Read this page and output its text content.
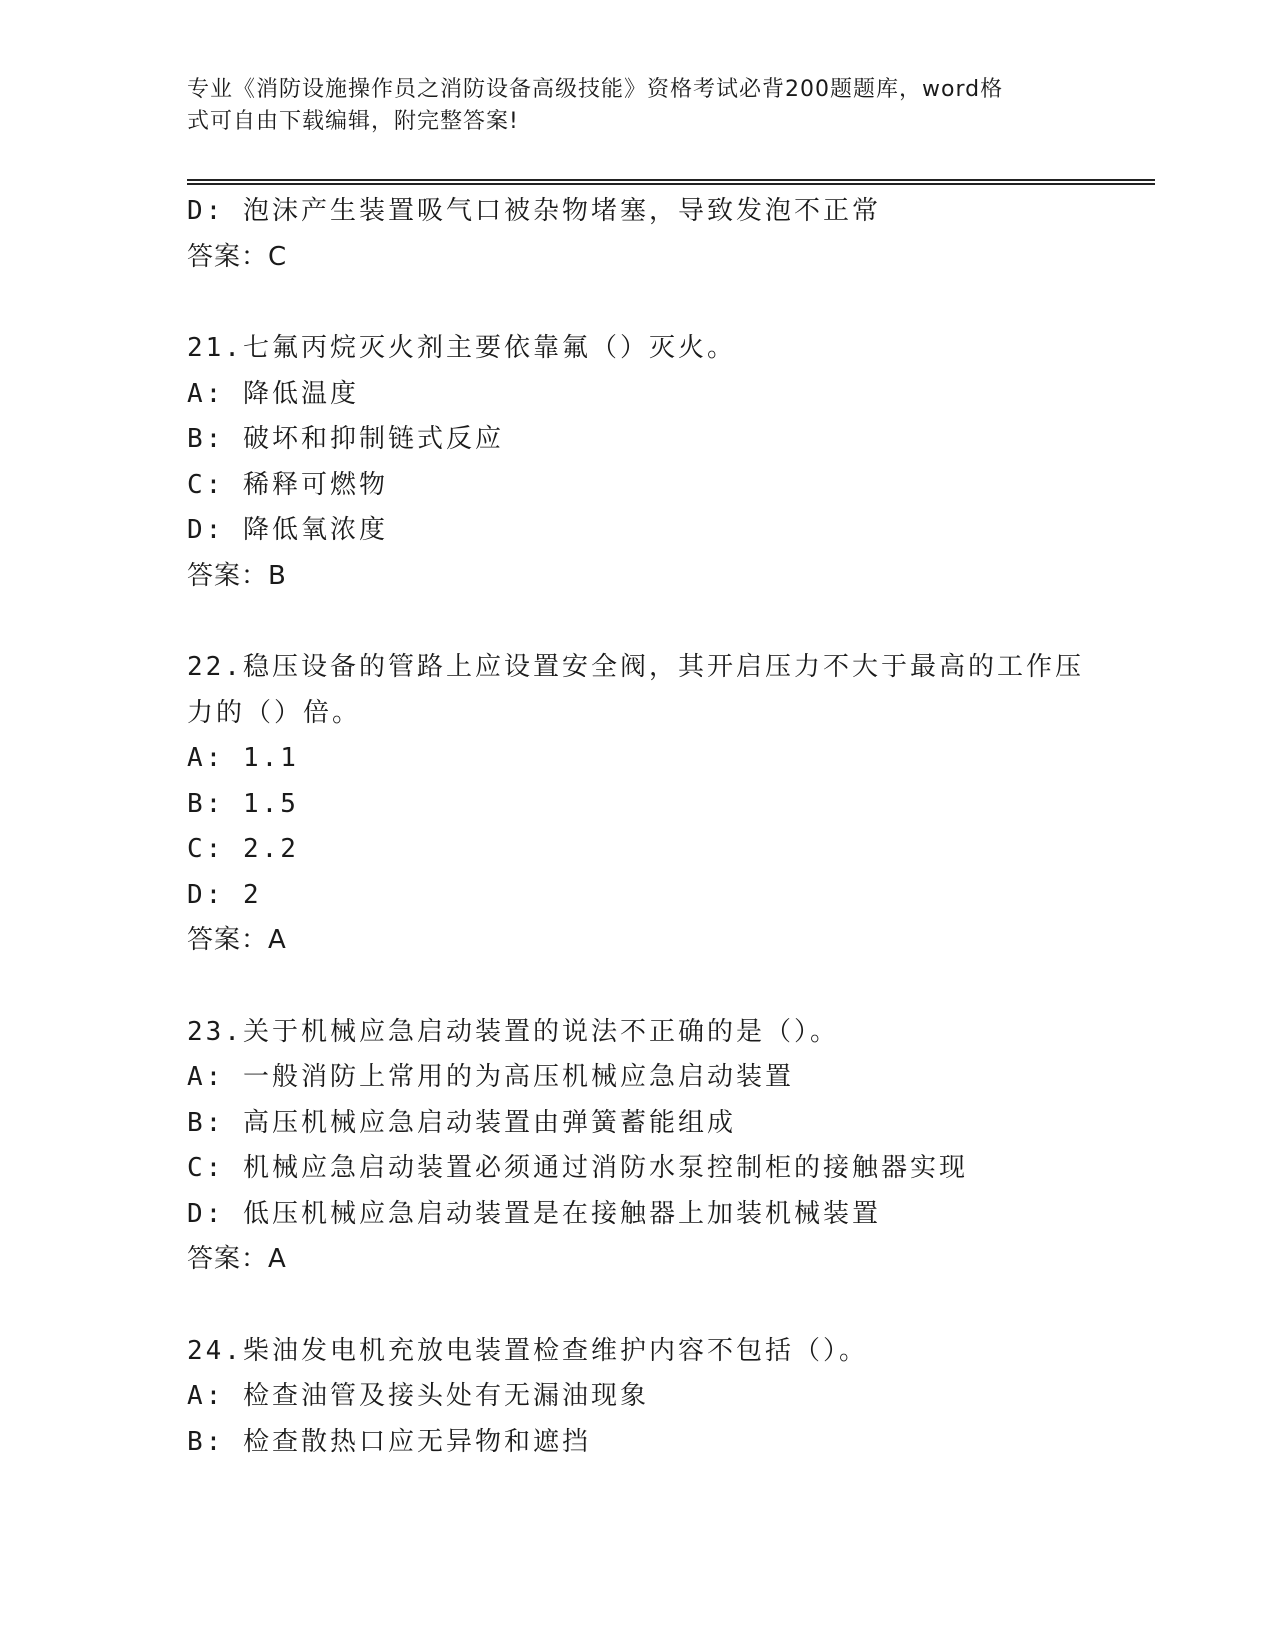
专业《消防设施操作员之消防设备高级技能》资格考试必背200题题库，word格
式可自由下载编辑，附完整答案!
D: 泡沫产生装置吸气口被杂物堵塞，导致发泡不正常
答案：C
21.七氟丙烷灭火剂主要依靠氟（）灭火。
A: 降低温度
B: 破坏和抑制链式反应
C: 稀释可燃物
D: 降低氧浓度
答案：B
22.稳压设备的管路上应设置安全阀，其开启压力不大于最高的工作压
力的（）倍。
A: 1.1
B: 1.5
C: 2.2
D: 2
答案：A
23.关于机械应急启动装置的说法不正确的是（）。
A: 一般消防上常用的为高压机械应急启动装置
B: 高压机械应急启动装置由弹簧蓄能组成
C: 机械应急启动装置必须通过消防水泵控制柜的接触器实现
D: 低压机械应急启动装置是在接触器上加装机械装置
答案：A
24.柴油发电机充放电装置检查维护内容不包括（）。
A: 检查油管及接头处有无漏油现象
B: 检查散热口应无异物和遮挡
